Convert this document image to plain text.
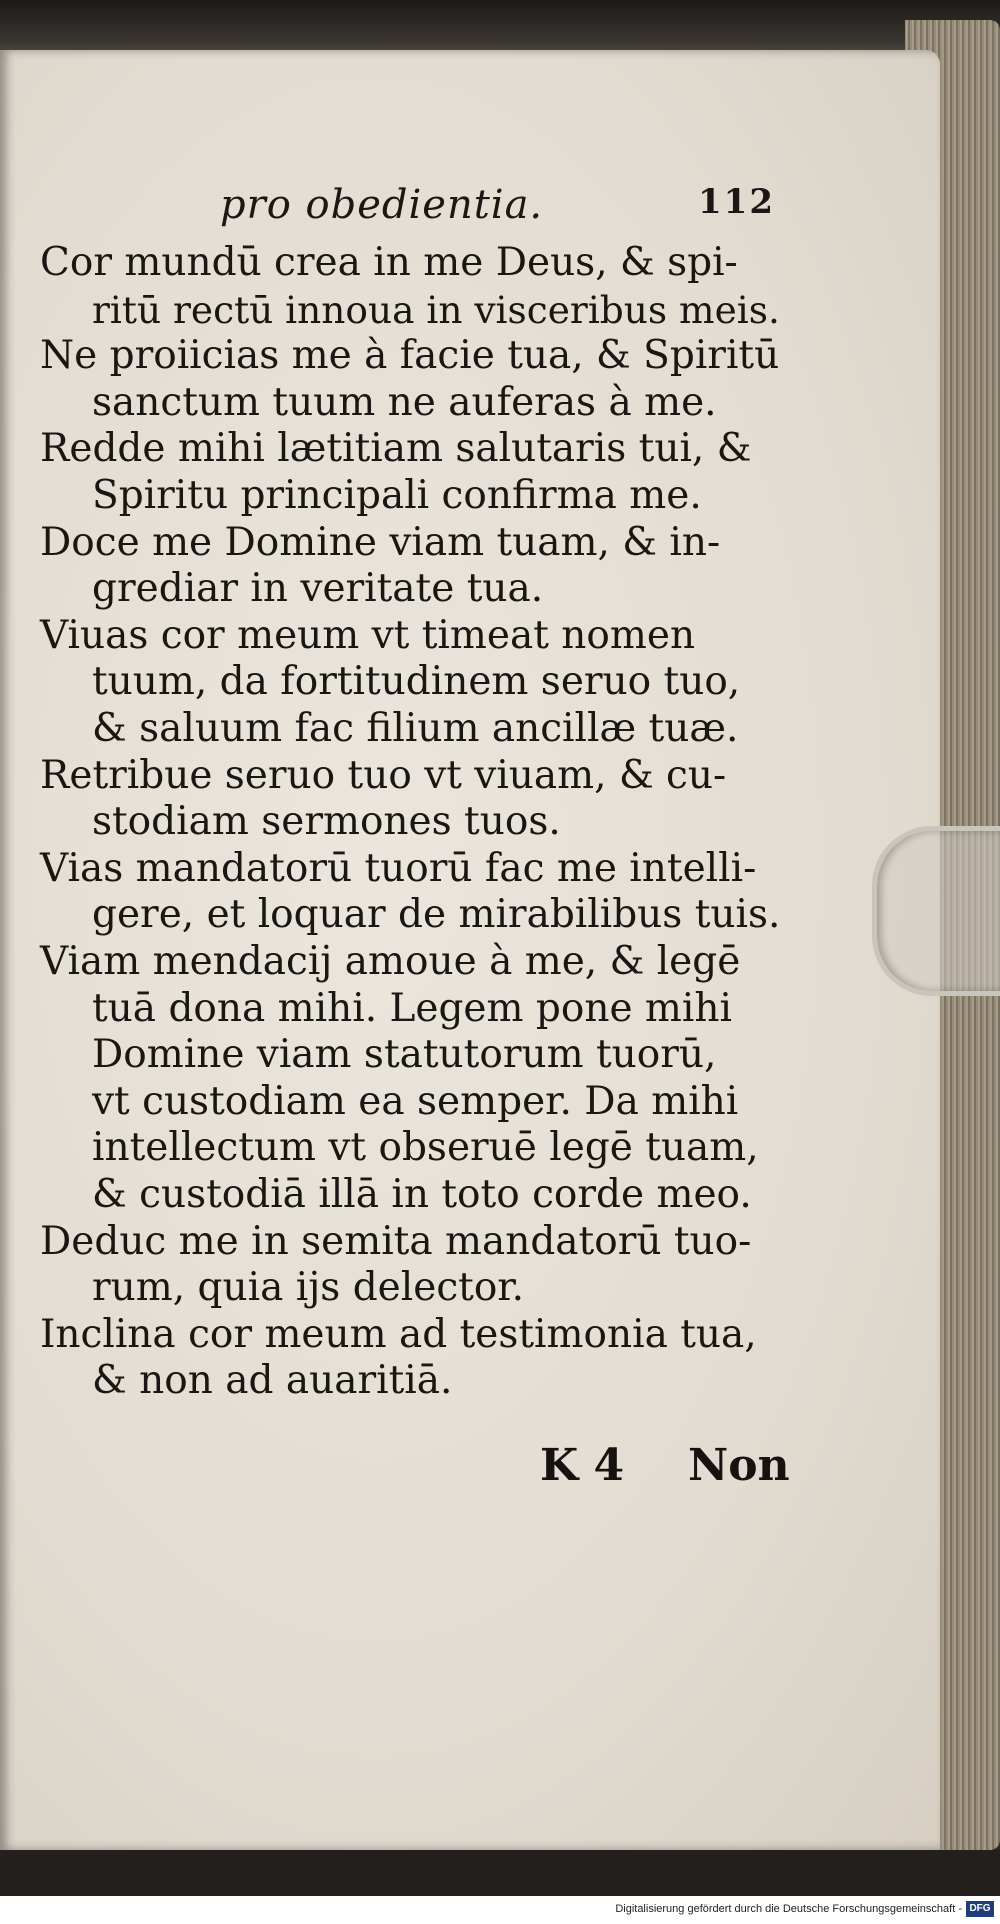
pro obedientia.	112
Cor mundū crea in me Deus, & spi-
ritū rectū innoua in visceribus meis.
Ne proiicias me à facie tua, & Spiritū
sanctum tuum ne auferas à me.
Redde mihi lætitiam salutaris tui, &
Spiritu principali confirma me.
Doce me Domine viam tuam, & in-
grediar in veritate tua.
Viuas cor meum vt timeat nomen
tuum, da fortitudinem seruo tuo,
& saluum fac filium ancillæ tuæ.
Retribue seruo tuo vt viuam, & cu-
stodiam sermones tuos.
Vias mandatorū tuorū fac me intelli-
gere, et loquar de mirabilibus tuis.
Viam mendacij amoue à me, & legē
tuā dona mihi. Legem pone mihi
Domine viam statutorum tuorū,
vt custodiam ea semper. Da mihi
intellectum vt obseruē legē tuam,
& custodiā illā in toto corde meo.
Deduc me in semita mandatorū tuo-
rum, quia ijs delector.
Inclina cor meum ad testimonia tua,
& non ad auaritiā.
K 4 Non
Digitalisierung gefördert durch die Deutsche Forschungsgemeinschaft - DFG
